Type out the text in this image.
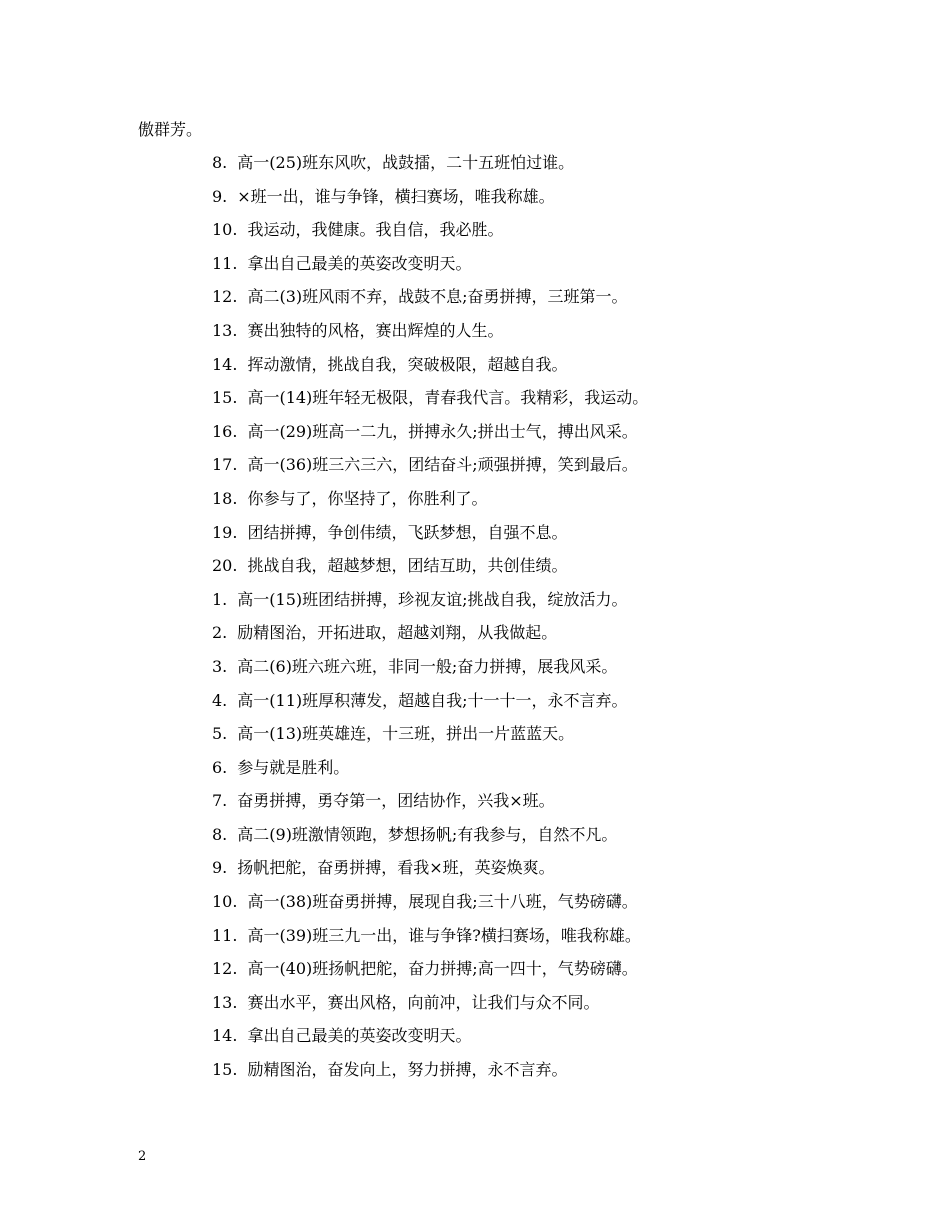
傲群芳。
8. 高一(25)班东风吹，战鼓擂，二十五班怕过谁。
9. ×班一出，谁与争锋，横扫赛场，唯我称雄。
10. 我运动，我健康。我自信，我必胜。
11. 拿出自己最美的英姿改变明天。
12. 高二(3)班风雨不弃，战鼓不息;奋勇拼搏，三班第一。
13. 赛出独特的风格，赛出辉煌的人生。
14. 挥动激情，挑战自我，突破极限，超越自我。
15. 高一(14)班年轻无极限，青春我代言。我精彩，我运动。
16. 高一(29)班高一二九，拼搏永久;拼出士气，搏出风采。
17. 高一(36)班三六三六，团结奋斗;顽强拼搏，笑到最后。
18. 你参与了，你坚持了，你胜利了。
19. 团结拼搏，争创伟绩，飞跃梦想，自强不息。
20. 挑战自我，超越梦想，团结互助，共创佳绩。
1. 高一(15)班团结拼搏，珍视友谊;挑战自我，绽放活力。
2. 励精图治，开拓进取，超越刘翔，从我做起。
3. 高二(6)班六班六班，非同一般;奋力拼搏，展我风采。
4. 高一(11)班厚积薄发，超越自我;十一十一，永不言弃。
5. 高一(13)班英雄连，十三班，拼出一片蓝蓝天。
6. 参与就是胜利。
7. 奋勇拼搏，勇夺第一，团结协作，兴我×班。
8. 高二(9)班激情领跑，梦想扬帆;有我参与，自然不凡。
9. 扬帆把舵，奋勇拼搏，看我×班，英姿焕爽。
10. 高一(38)班奋勇拼搏，展现自我;三十八班，气势磅礴。
11. 高一(39)班三九一出，谁与争锋?横扫赛场，唯我称雄。
12. 高一(40)班扬帆把舵，奋力拼搏;高一四十，气势磅礴。
13. 赛出水平，赛出风格，向前冲，让我们与众不同。
14. 拿出自己最美的英姿改变明天。
15. 励精图治，奋发向上，努力拼搏，永不言弃。
2
